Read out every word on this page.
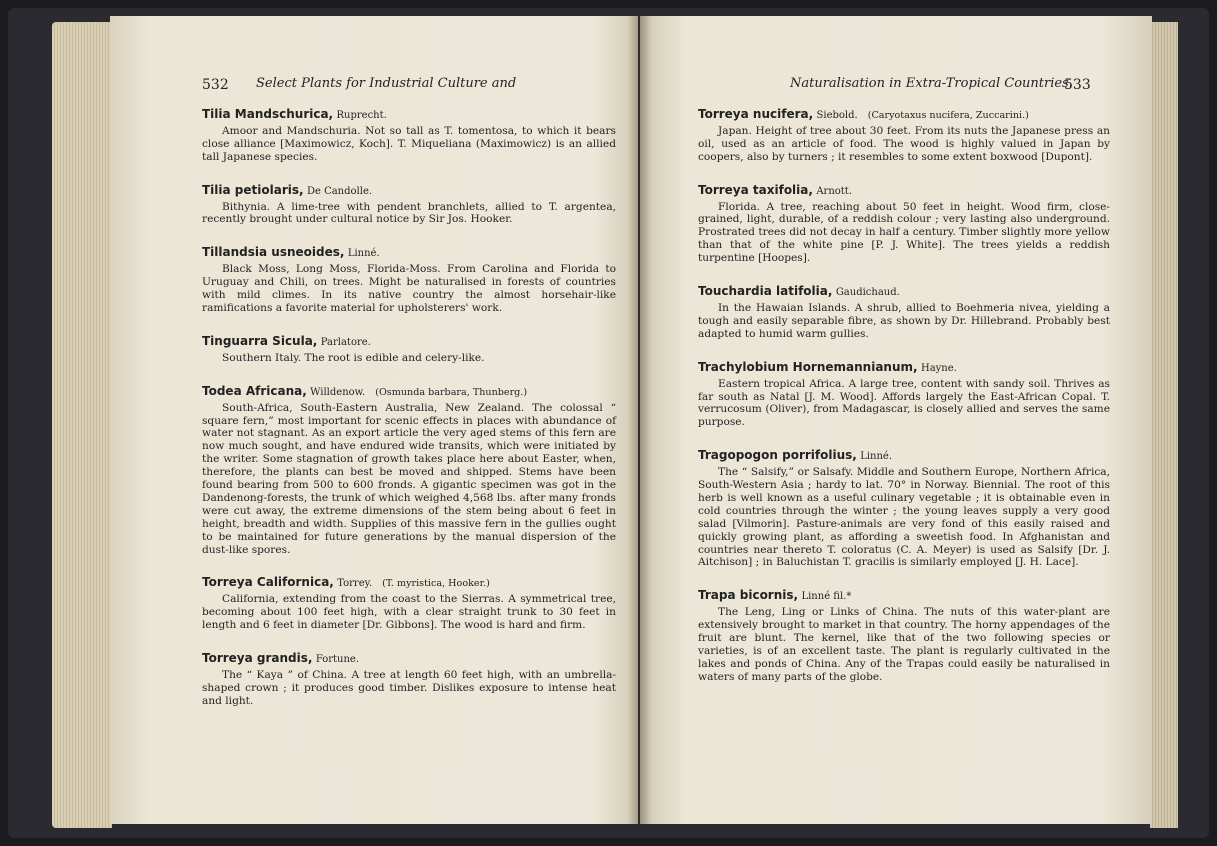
532 Select Plants for Industrial Culture and
Tilia Mandschurica, Ruprecht.

Amoor and Mandschuria. Not so tall as T. tomentosa, to which it bears close alliance [Maximowicz, Koch]. T. Miqueliana (Maximowicz) is an allied tall Japanese species.

Tilia petiolaris, De Candolle.

Bithynia. A lime-tree with pendent branchlets, allied to T. argentea, recently brought under cultural notice by Sir Jos. Hooker.

Tillandsia usneoides, Linné.

Black Moss, Long Moss, Florida-Moss. From Carolina and Florida to Uruguay and Chili, on trees. Might be naturalised in forests of countries with mild climes. In its native country the almost horsehair-like ramifications a favorite material for upholsterers' work.

Tinguarra Sicula, Parlatore.

Southern Italy. The root is edible and celery-like.

Todea Africana, Willdenow. (Osmunda barbara, Thunberg.)

South-Africa, South-Eastern Australia, New Zealand. The colossal “ square fern,” most important for scenic effects in places with abundance of water not stagnant. As an export article the very aged stems of this fern are now much sought, and have endured wide transits, which were initiated by the writer. Some stagnation of growth takes place here about Easter, when, therefore, the plants can best be moved and shipped. Stems have been found bearing from 500 to 600 fronds. A gigantic specimen was got in the Dandenong-forests, the trunk of which weighed 4,568 lbs. after many fronds were cut away, the extreme dimensions of the stem being about 6 feet in height, breadth and width. Supplies of this massive fern in the gullies ought to be maintained for future generations by the manual dispersion of the dust-like spores.

Torreya Californica, Torrey. (T. myristica, Hooker.)

California, extending from the coast to the Sierras. A symmetrical tree, becoming about 100 feet high, with a clear straight trunk to 30 feet in length and 6 feet in diameter [Dr. Gibbons]. The wood is hard and firm.

Torreya grandis, Fortune.

The “ Kaya ” of China. A tree at length 60 feet high, with an umbrella-shaped crown ; it produces good timber. Dislikes exposure to intense heat and light.

Naturalisation in Extra-Tropical Countries.
533
Torreya nucifera, Siebold. (Caryotaxus nucifera, Zuccarini.)

Japan. Height of tree about 30 feet. From its nuts the Japanese press an oil, used as an article of food. The wood is highly valued in Japan by coopers, also by turners ; it resembles to some extent boxwood [Dupont].

Torreya taxifolia, Arnott.

Florida. A tree, reaching about 50 feet in height. Wood firm, close-grained, light, durable, of a reddish colour ; very lasting also underground. Prostrated trees did not decay in half a century. Timber slightly more yellow than that of the white pine [P. J. White]. The trees yields a reddish turpentine [Hoopes].

Touchardia latifolia, Gaudichaud.

In the Hawaian Islands. A shrub, allied to Boehmeria nivea, yielding a tough and easily separable fibre, as shown by Dr. Hillebrand. Probably best adapted to humid warm gullies.

Trachylobium Hornemannianum, Hayne.

Eastern tropical Africa. A large tree, content with sandy soil. Thrives as far south as Natal [J. M. Wood]. Affords largely the East-African Copal. T. verrucosum (Oliver), from Madagascar, is closely allied and serves the same purpose.

Tragopogon porrifolius, Linné.

The “ Salsify,” or Salsafy. Middle and Southern Europe, Northern Africa, South-Western Asia ; hardy to lat. 70° in Norway. Biennial. The root of this herb is well known as a useful culinary vegetable ; it is obtainable even in cold countries through the winter ; the young leaves supply a very good salad [Vilmorin]. Pasture-animals are very fond of this easily raised and quickly growing plant, as affording a sweetish food. In Afghanistan and countries near thereto T. coloratus (C. A. Meyer) is used as Salsify [Dr. J. Aitchison] ; in Baluchistan T. gracilis is similarly employed [J. H. Lace].

Trapa bicornis, Linné fil.*

The Leng, Ling or Links of China. The nuts of this water-plant are extensively brought to market in that country. The horny appendages of the fruit are blunt. The kernel, like that of the two following species or varieties, is of an excellent taste. The plant is regularly cultivated in the lakes and ponds of China. Any of the Trapas could easily be naturalised in waters of many parts of the globe.
